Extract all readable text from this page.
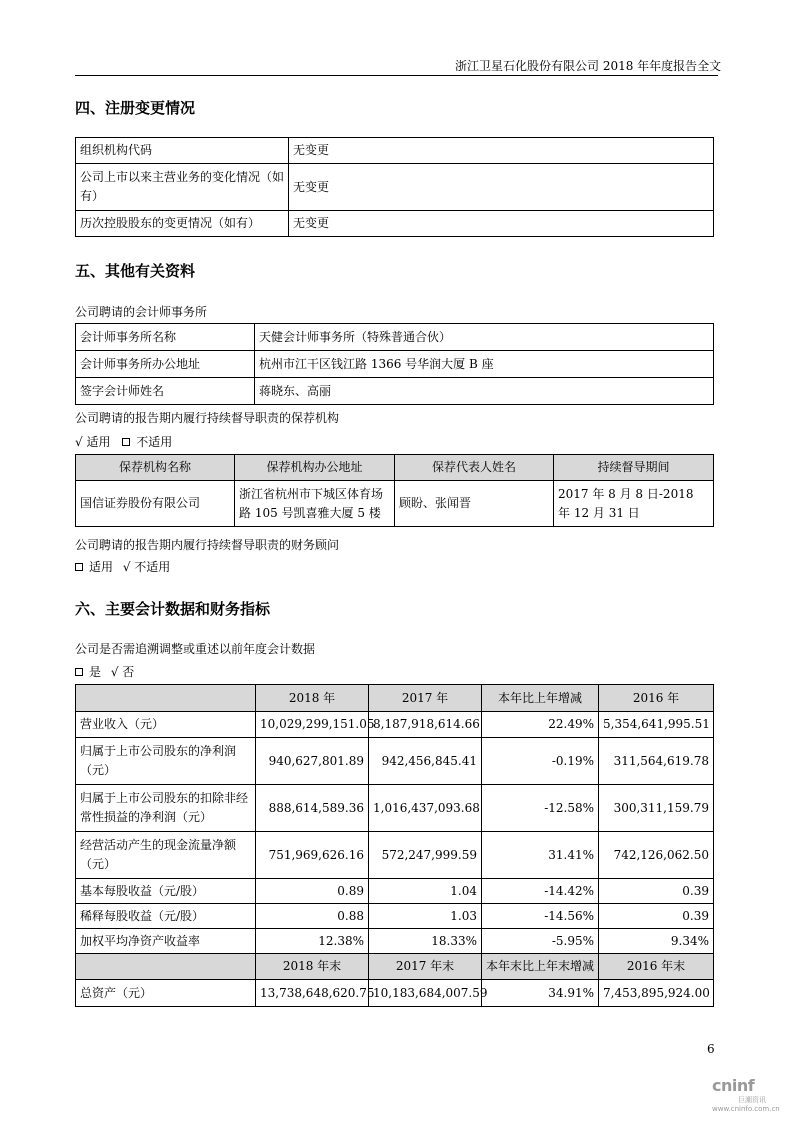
浙江卫星石化股份有限公司 2018 年年度报告全文
四、注册变更情况
组织机构代码	无变更
公司上市以来主营业务的变化情况（如有）	无变更
历次控股股东的变更情况（如有）	无变更
五、其他有关资料
公司聘请的会计师事务所
会计师事务所名称	天健会计师事务所（特殊普通合伙）
会计师事务所办公地址	杭州市江干区钱江路 1366 号华润大厦 B 座
签字会计师姓名	蒋晓东、高丽
公司聘请的报告期内履行持续督导职责的保荐机构
√ 适用 不适用
保荐机构名称	保荐机构办公地址	保荐代表人姓名	持续督导期间
国信证券股份有限公司	浙江省杭州市下城区体育场路 105 号凯喜雅大厦 5 楼	顾盼、张闻晋	2017 年 8 月 8 日-2018 年 12 月 31 日
公司聘请的报告期内履行持续督导职责的财务顾问
适用 √ 不适用
六、主要会计数据和财务指标
公司是否需追溯调整或重述以前年度会计数据
是 √ 否
	2018 年	2017 年	本年比上年增减	2016 年
营业收入（元）	10,029,299,151.05	8,187,918,614.66	22.49%	5,354,641,995.51
归属于上市公司股东的净利润（元）	940,627,801.89	942,456,845.41	-0.19%	311,564,619.78
归属于上市公司股东的扣除非经常性损益的净利润（元）	888,614,589.36	1,016,437,093.68	-12.58%	300,311,159.79
经营活动产生的现金流量净额（元）	751,969,626.16	572,247,999.59	31.41%	742,126,062.50
基本每股收益（元/股）	0.89	1.04	-14.42%	0.39
稀释每股收益（元/股）	0.88	1.03	-14.56%	0.39
加权平均净资产收益率	12.38%	18.33%	-5.95%	9.34%
	2018 年末	2017 年末	本年末比上年末增减	2016 年末
总资产（元）	13,738,648,620.75	10,183,684,007.59	34.91%	7,453,895,924.00
6
cninf
巨潮资讯
www.cninfo.com.cn
